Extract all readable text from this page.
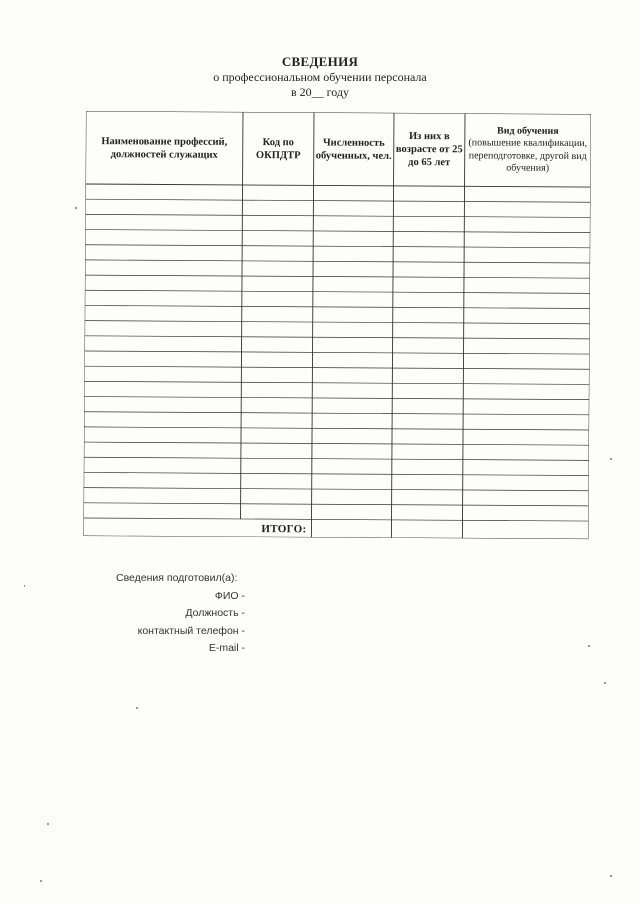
СВЕДЕНИЯ
о профессиональном обучении персонала
в 20__ году
Наименование профессий, должностей служащих
Код по ОКПДТР
Численность обученных, чел.
Из них в возрасте от 25 до 65 лет
Вид обучения
(повышение квалификации, переподготовке, другой вид обучения)
ИТОГО:
Сведения подготовил(а):
ФИО -
Должность -
контактный телефон -
E-mail -
